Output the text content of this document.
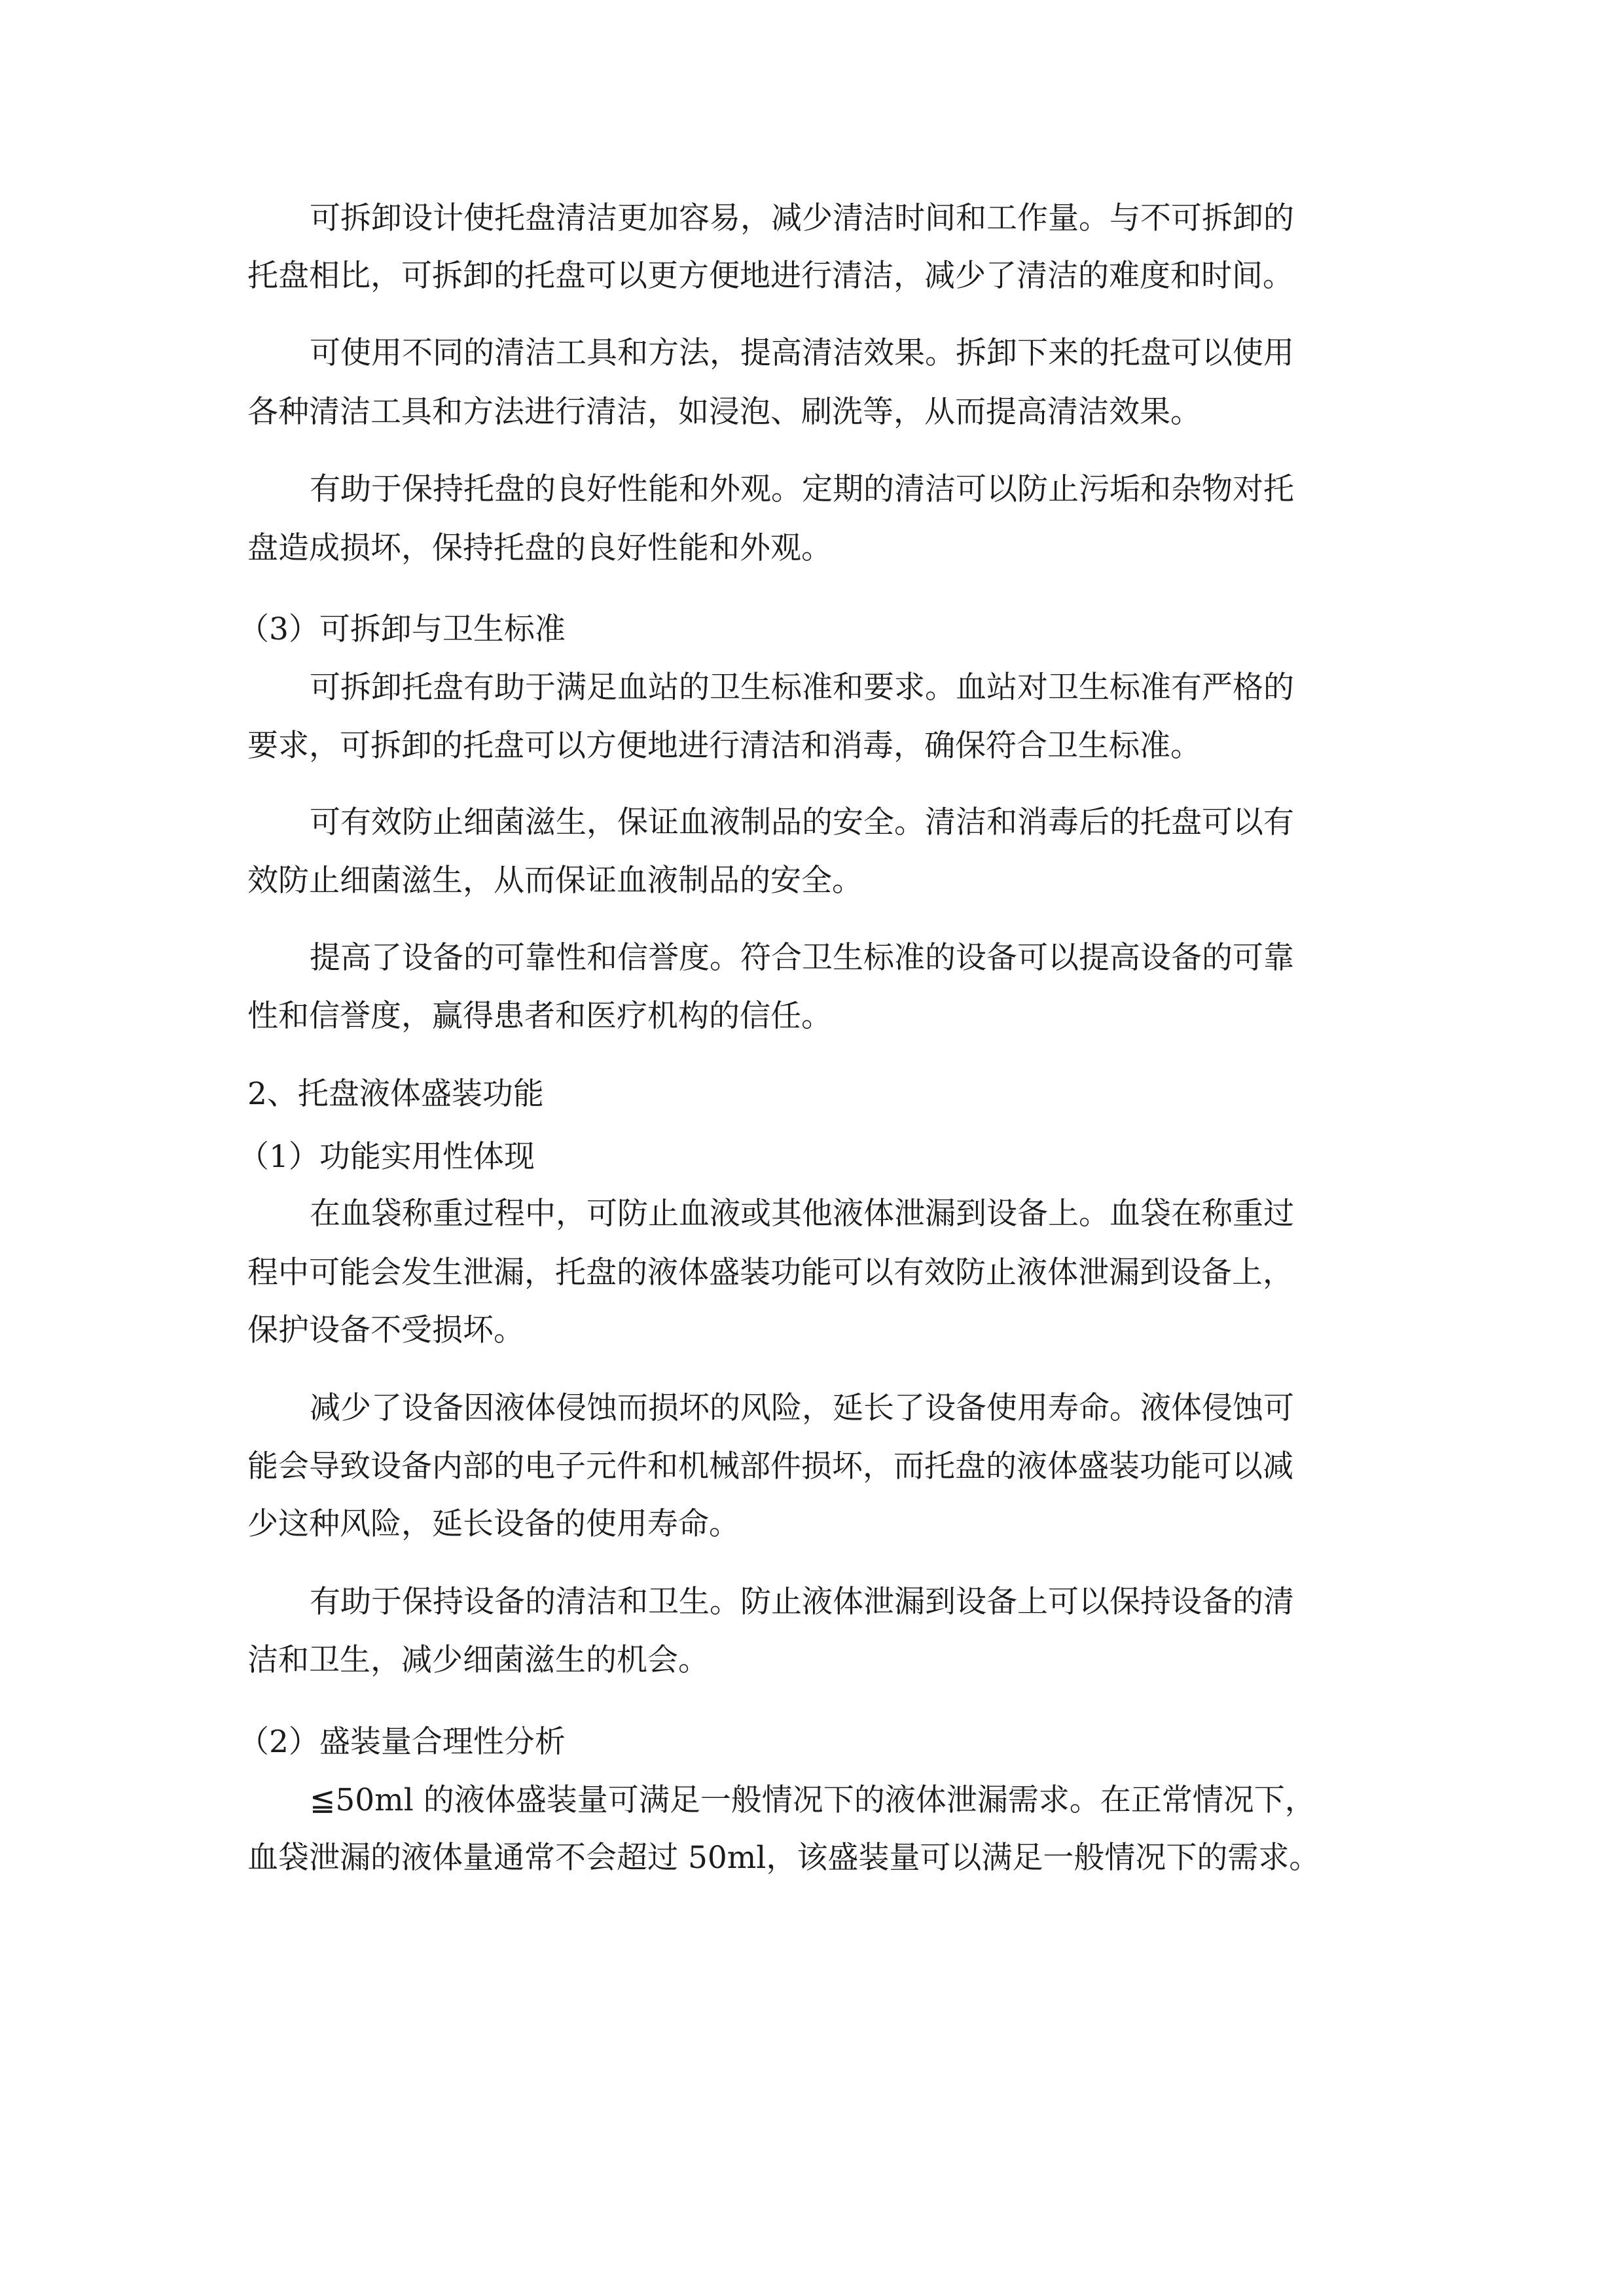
可拆卸设计使托盘清洁更加容易，减少清洁时间和工作量。与不可拆卸的

托盘相比，可拆卸的托盘可以更方便地进行清洁，减少了清洁的难度和时间。

可使用不同的清洁工具和方法，提高清洁效果。拆卸下来的托盘可以使用

各种清洁工具和方法进行清洁，如浸泡、刷洗等，从而提高清洁效果。

有助于保持托盘的良好性能和外观。定期的清洁可以防止污垢和杂物对托

盘造成损坏，保持托盘的良好性能和外观。

（3）可拆卸与卫生标准

可拆卸托盘有助于满足血站的卫生标准和要求。血站对卫生标准有严格的

要求，可拆卸的托盘可以方便地进行清洁和消毒，确保符合卫生标准。

可有效防止细菌滋生，保证血液制品的安全。清洁和消毒后的托盘可以有

效防止细菌滋生，从而保证血液制品的安全。

提高了设备的可靠性和信誉度。符合卫生标准的设备可以提高设备的可靠

性和信誉度，赢得患者和医疗机构的信任。

2、托盘液体盛装功能

（1）功能实用性体现

在血袋称重过程中，可防止血液或其他液体泄漏到设备上。血袋在称重过

程中可能会发生泄漏，托盘的液体盛装功能可以有效防止液体泄漏到设备上，

保护设备不受损坏。

减少了设备因液体侵蚀而损坏的风险，延长了设备使用寿命。液体侵蚀可

能会导致设备内部的电子元件和机械部件损坏，而托盘的液体盛装功能可以减

少这种风险，延长设备的使用寿命。

有助于保持设备的清洁和卫生。防止液体泄漏到设备上可以保持设备的清

洁和卫生，减少细菌滋生的机会。

（2）盛装量合理性分析

≦50ml 的液体盛装量可满足一般情况下的液体泄漏需求。在正常情况下，

血袋泄漏的液体量通常不会超过 50ml，该盛装量可以满足一般情况下的需求。
